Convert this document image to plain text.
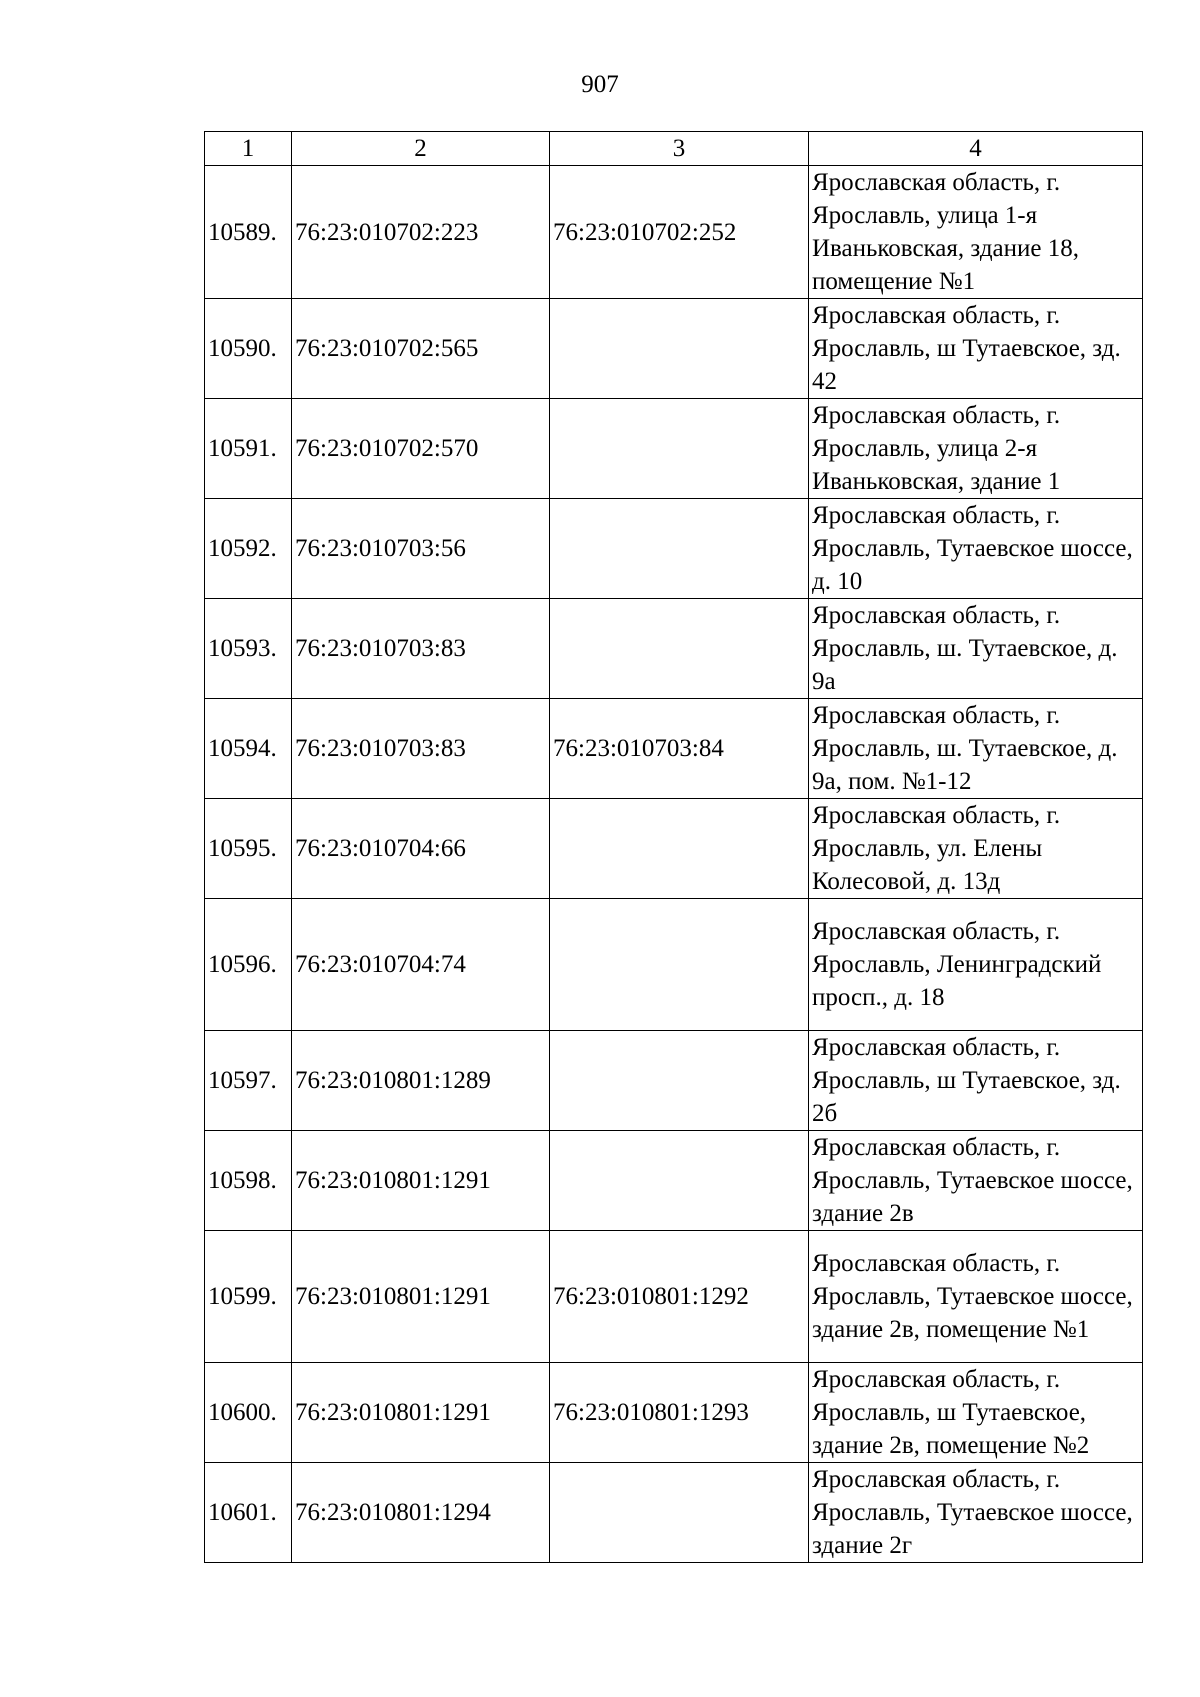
907
1	2	3	4
10589.	76:23:010702:223	76:23:010702:252	Ярославская область, г. Ярославль, улица 1-я Иваньковская, здание 18, помещение №1
10590.	76:23:010702:565		Ярославская область, г. Ярославль, ш Тутаевское, зд. 42
10591.	76:23:010702:570		Ярославская область, г. Ярославль, улица 2-я Иваньковская, здание 1
10592.	76:23:010703:56		Ярославская область, г. Ярославль, Тутаевское шоссе, д. 10
10593.	76:23:010703:83		Ярославская область, г. Ярославль, ш. Тутаевское, д. 9а
10594.	76:23:010703:83	76:23:010703:84	Ярославская область, г. Ярославль, ш. Тутаевское, д. 9а, пом. №1-12
10595.	76:23:010704:66		Ярославская область, г. Ярославль, ул. Елены Колесовой, д. 13д
10596.	76:23:010704:74		Ярославская область, г. Ярославль, Ленинградский просп., д. 18
10597.	76:23:010801:1289		Ярославская область, г. Ярославль, ш Тутаевское, зд. 2б
10598.	76:23:010801:1291		Ярославская область, г. Ярославль, Тутаевское шоссе, здание 2в
10599.	76:23:010801:1291	76:23:010801:1292	Ярославская область, г. Ярославль, Тутаевское шоссе, здание 2в, помещение №1
10600.	76:23:010801:1291	76:23:010801:1293	Ярославская область, г. Ярославль, ш Тутаевское, здание 2в, помещение №2
10601.	76:23:010801:1294		Ярославская область, г. Ярославль, Тутаевское шоссе, здание 2г
